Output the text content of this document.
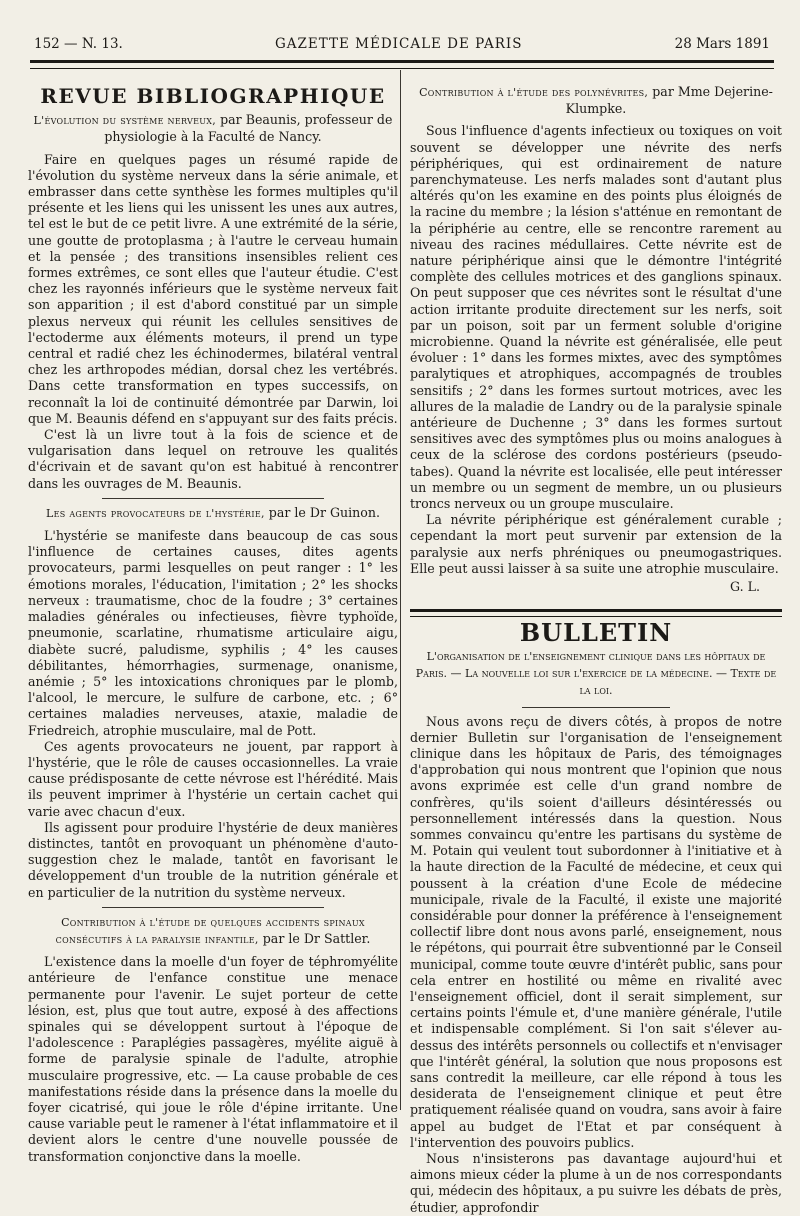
152 — N. 13.	GAZETTE MÉDICALE DE PARIS	28 Mars 1891
REVUE BIBLIOGRAPHIQUE
L'évolution du système nerveux, par Beaunis, professeur de physiologie à la Faculté de Nancy.

Faire en quelques pages un résumé rapide de l'évolution du système nerveux dans la série animale, et embrasser dans cette synthèse les formes multiples qu'il présente et les liens qui les unissent les unes aux autres, tel est le but de ce petit livre. A une extrémité de la série, une goutte de protoplasma ; à l'autre le cerveau humain et la pensée ; des transitions insensibles relient ces formes extrêmes, ce sont elles que l'auteur étudie. C'est chez les rayonnés inférieurs que le système nerveux fait son apparition ; il est d'abord constitué par un simple plexus nerveux qui réunit les cellules sensitives de l'ectoderme aux éléments moteurs, il prend un type central et radié chez les échinodermes, bilatéral ventral chez les arthropodes médian, dorsal chez les vertébrés. Dans cette transformation en types successifs, on reconnaît la loi de continuité démontrée par Darwin, loi que M. Beaunis défend en s'appuyant sur des faits précis.

C'est là un livre tout à la fois de science et de vulgarisation dans lequel on retrouve les qualités d'écrivain et de savant qu'on est habitué à rencontrer dans les ouvrages de M. Beaunis.

Les agents provocateurs de l'hystérie, par le Dr Guinon.

L'hystérie se manifeste dans beaucoup de cas sous l'influence de certaines causes, dites agents provocateurs, parmi lesquelles on peut ranger : 1° les émotions morales, l'éducation, l'imitation ; 2° les shocks nerveux : traumatisme, choc de la foudre ; 3° certaines maladies générales ou infectieuses, fièvre typhoïde, pneumonie, scarlatine, rhumatisme articulaire aigu, diabète sucré, paludisme, syphilis ; 4° les causes débilitantes, hémorrhagies, surmenage, onanisme, anémie ; 5° les intoxications chroniques par le plomb, l'alcool, le mercure, le sulfure de carbone, etc. ; 6° certaines maladies nerveuses, ataxie, maladie de Friedreich, atrophie musculaire, mal de Pott.

Ces agents provocateurs ne jouent, par rapport à l'hystérie, que le rôle de causes occasionnelles. La vraie cause prédisposante de cette névrose est l'hérédité. Mais ils peuvent imprimer à l'hystérie un certain cachet qui varie avec chacun d'eux.

Ils agissent pour produire l'hystérie de deux manières distinctes, tantôt en provoquant un phénomène d'auto-suggestion chez le malade, tantôt en favorisant le développement d'un trouble de la nutrition générale et en particulier de la nutrition du système nerveux.

Contribution à l'étude de quelques accidents spinaux consécutifs à la paralysie infantile, par le Dr Sattler.

L'existence dans la moelle d'un foyer de téphromyélite antérieure de l'enfance constitue une menace permanente pour l'avenir. Le sujet porteur de cette lésion, est, plus que tout autre, exposé à des affections spinales qui se développent surtout à l'époque de l'adolescence : Paraplégies passagères, myélite aiguë à forme de paralysie spinale de l'adulte, atrophie musculaire progressive, etc. — La cause probable de ces manifestations réside dans la présence dans la moelle du foyer cicatrisé, qui joue le rôle d'épine irritante. Une cause variable peut le ramener à l'état inflammatoire et il devient alors le centre d'une nouvelle poussée de transformation conjonctive dans la moelle.

Contribution à l'étude des polynévrites, par Mme Dejerine-Klumpke.

Sous l'influence d'agents infectieux ou toxiques on voit souvent se développer une névrite des nerfs périphériques, qui est ordinairement de nature parenchymateuse. Les nerfs malades sont d'autant plus altérés qu'on les examine en des points plus éloignés de la racine du membre ; la lésion s'atténue en remontant de la périphérie au centre, elle se rencontre rarement au niveau des racines médullaires. Cette névrite est de nature périphérique ainsi que le démontre l'intégrité complète des cellules motrices et des ganglions spinaux. On peut supposer que ces névrites sont le résultat d'une action irritante produite directement sur les nerfs, soit par un poison, soit par un ferment soluble d'origine microbienne. Quand la névrite est généralisée, elle peut évoluer : 1° dans les formes mixtes, avec des symptômes paralytiques et atrophiques, accompagnés de troubles sensitifs ; 2° dans les formes surtout motrices, avec les allures de la maladie de Landry ou de la paralysie spinale antérieure de Duchenne ; 3° dans les formes surtout sensitives avec des symptômes plus ou moins analogues à ceux de la sclérose des cordons postérieurs (pseudo-tabes). Quand la névrite est localisée, elle peut intéresser un membre ou un segment de membre, un ou plusieurs troncs nerveux ou un groupe musculaire.

La névrite périphérique est généralement curable ; cependant la mort peut survenir par extension de la paralysie aux nerfs phréniques ou pneumogastriques. Elle peut aussi laisser à sa suite une atrophie musculaire.

G. L.

BULLETIN
L'organisation de l'enseignement clinique dans les hôpitaux de Paris. — La nouvelle loi sur l'exercice de la médecine. — Texte de la loi.

Nous avons reçu de divers côtés, à propos de notre dernier Bulletin sur l'organisation de l'enseignement clinique dans les hôpitaux de Paris, des témoignages d'approbation qui nous montrent que l'opinion que nous avons exprimée est celle d'un grand nombre de confrères, qu'ils soient d'ailleurs désintéressés ou personnellement intéressés dans la question. Nous sommes convaincu qu'entre les partisans du système de M. Potain qui veulent tout subordonner à l'initiative et à la haute direction de la Faculté de médecine, et ceux qui poussent à la création d'une Ecole de médecine municipale, rivale de la Faculté, il existe une majorité considérable pour donner la préférence à l'enseignement collectif libre dont nous avons parlé, enseignement, nous le répétons, qui pourrait être subventionné par le Conseil municipal, comme toute œuvre d'intérêt public, sans pour cela entrer en hostilité ou même en rivalité avec l'enseignement officiel, dont il serait simplement, sur certains points l'émule et, d'une manière générale, l'utile et indispensable complément. Si l'on sait s'élever au-dessus des intérêts personnels ou collectifs et n'envisager que l'intérêt général, la solution que nous proposons est sans contredit la meilleure, car elle répond à tous les desiderata de l'enseignement clinique et peut être pratiquement réalisée quand on voudra, sans avoir à faire appel au budget de l'Etat et par conséquent à l'intervention des pouvoirs publics.

Nous n'insisterons pas davantage aujourd'hui et aimons mieux céder la plume à un de nos correspondants qui, médecin des hôpitaux, a pu suivre les débats de près, étudier, approfondir
